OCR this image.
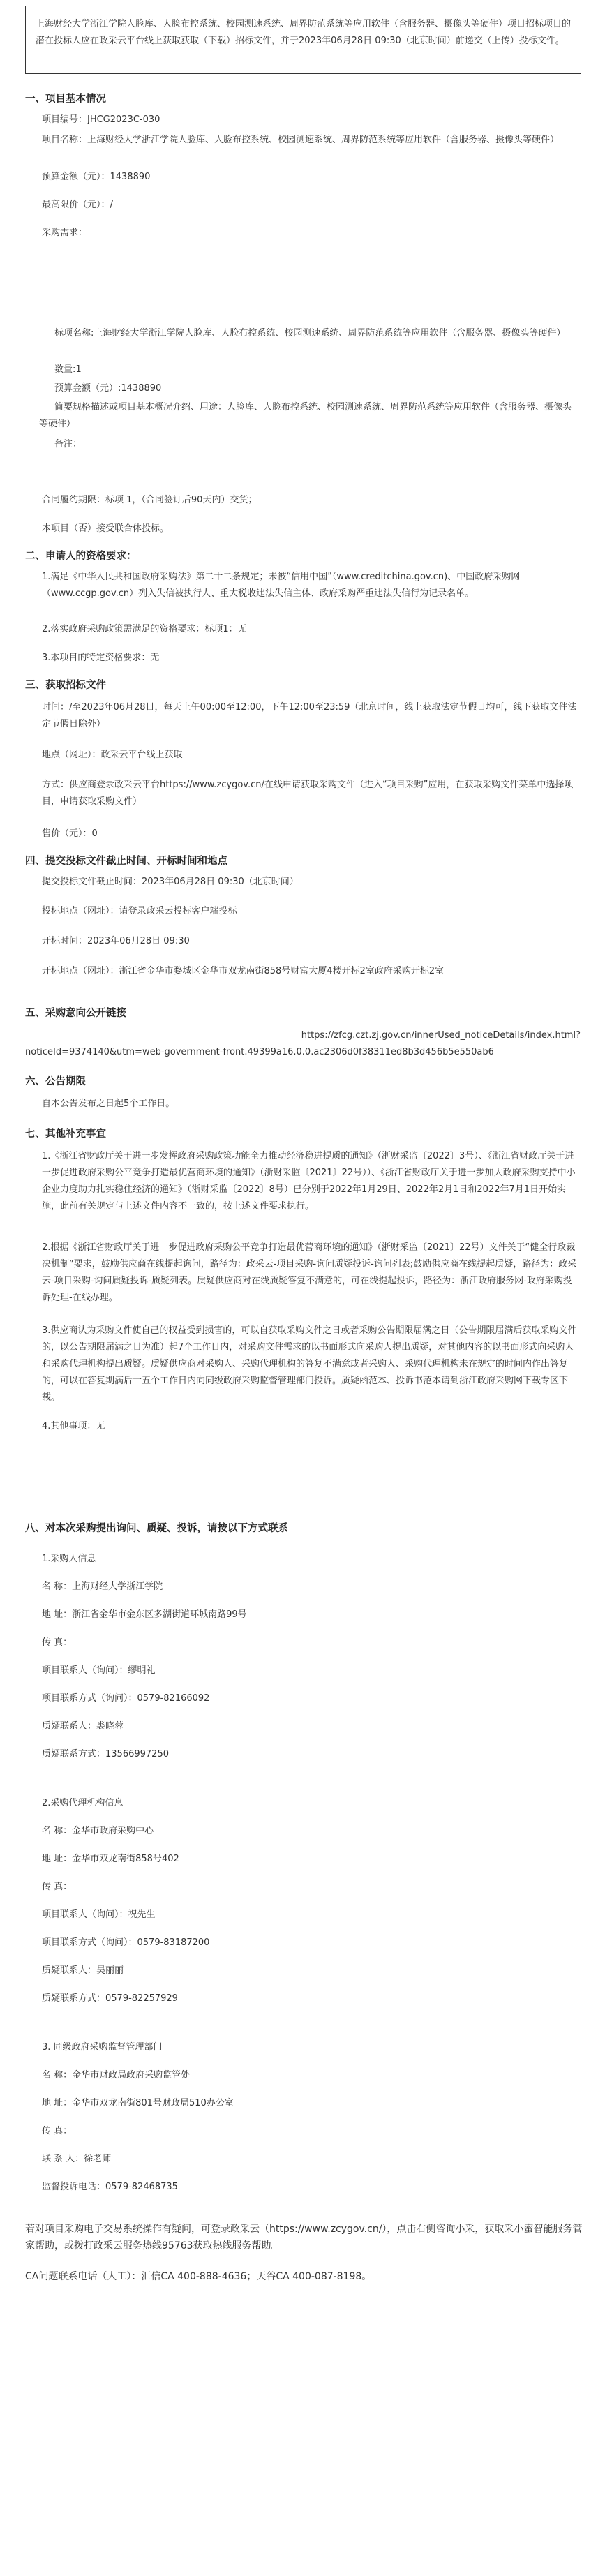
上海财经大学浙江学院人脸库、人脸布控系统、校园测速系统、周界防范系统等应用软件（含服务器、摄像头等硬件）项目招标项目的潜在投标人应在政采云平台线上获取获取（下载）招标文件，并于2023年06月28日 09:30（北京时间）前递交（上传）投标文件。

一、项目基本情况

项目编号：JHCG2023C-030

项目名称：上海财经大学浙江学院人脸库、人脸布控系统、校园测速系统、周界防范系统等应用软件（含服务器、摄像头等硬件）

预算金额（元）：1438890

最高限价（元）：/

采购需求：

标项名称:上海财经大学浙江学院人脸库、人脸布控系统、校园测速系统、周界防范系统等应用软件（含服务器、摄像头等硬件）

数量:1

预算金额（元）:1438890

简要规格描述或项目基本概况介绍、用途：人脸库、人脸布控系统、校园测速系统、周界防范系统等应用软件（含服务器、摄像头等硬件）

备注：

合同履约期限：标项 1，（合同签订后90天内）交货；

本项目（否）接受联合体投标。

二、申请人的资格要求：

1.满足《中华人民共和国政府采购法》第二十二条规定；未被“信用中国”（www.creditchina.gov.cn)、中国政府采购网（www.ccgp.gov.cn）列入失信被执行人、重大税收违法失信主体、政府采购严重违法失信行为记录名单。

2.落实政府采购政策需满足的资格要求：标项1：无

3.本项目的特定资格要求：无

三、获取招标文件

时间：/至2023年06月28日，每天上午00:00至12:00，下午12:00至23:59（北京时间，线上获取法定节假日均可，线下获取文件法定节假日除外）

地点（网址）：政采云平台线上获取

方式：供应商登录政采云平台https://www.zcygov.cn/在线申请获取采购文件（进入“项目采购”应用，在获取采购文件菜单中选择项目，申请获取采购文件）

售价（元）：0

四、提交投标文件截止时间、开标时间和地点

提交投标文件截止时间：2023年06月28日 09:30（北京时间）

投标地点（网址）：请登录政采云投标客户端投标

开标时间：2023年06月28日 09:30

开标地点（网址）：浙江省金华市婺城区金华市双龙南街858号财富大厦4楼开标2室政府采购开标2室

五、采购意向公开链接

https://zfcg.czt.zj.gov.cn/innerUsed_noticeDetails/index.html?
noticeId=9374140&utm=web-government-front.49399a16.0.0.ac2306d0f38311ed8b3d456b5e550ab6

六、公告期限

自本公告发布之日起5个工作日。

七、其他补充事宜

1.《浙江省财政厅关于进一步发挥政府采购政策功能全力推动经济稳进提质的通知》（浙财采监〔2022〕3号）、《浙江省财政厅关于进一步促进政府采购公平竞争打造最优营商环境的通知》（浙财采监〔2021〕22号））、《浙江省财政厅关于进一步加大政府采购支持中小企业力度助力扎实稳住经济的通知》（浙财采监〔2022〕8号）已分别于2022年1月29日、2022年2月1日和2022年7月1日开始实施，此前有关规定与上述文件内容不一致的，按上述文件要求执行。

2.根据《浙江省财政厅关于进一步促进政府采购公平竞争打造最优营商环境的通知》（浙财采监〔2021〕22号）文件关于“健全行政裁决机制”要求，鼓励供应商在线提起询问，路径为：政采云-项目采购-询问质疑投诉-询问列表;鼓励供应商在线提起质疑，路径为：政采云-项目采购-询问质疑投诉-质疑列表。质疑供应商对在线质疑答复不满意的，可在线提起投诉，路径为：浙江政府服务网-政府采购投诉处理-在线办理。

3.供应商认为采购文件使自己的权益受到损害的，可以自获取采购文件之日或者采购公告期限届满之日（公告期限届满后获取采购文件的，以公告期限届满之日为准）起7个工作日内，对采购文件需求的以书面形式向采购人提出质疑，对其他内容的以书面形式向采购人和采购代理机构提出质疑。质疑供应商对采购人、采购代理机构的答复不满意或者采购人、采购代理机构未在规定的时间内作出答复的，可以在答复期满后十五个工作日内向同级政府采购监督管理部门投诉。质疑函范本、投诉书范本请到浙江政府采购网下载专区下载。

4.其他事项：无

八、对本次采购提出询问、质疑、投诉，请按以下方式联系

1.采购人信息

名 称：上海财经大学浙江学院

地 址：浙江省金华市金东区多湖街道环城南路99号

传 真：

项目联系人（询问）：缪明礼

项目联系方式（询问）：0579-82166092

质疑联系人：裘晓蓉

质疑联系方式：13566997250

2.采购代理机构信息

名 称：金华市政府采购中心

地 址：金华市双龙南街858号402

传 真：

项目联系人（询问）：祝先生

项目联系方式（询问）：0579-83187200

质疑联系人：吴丽丽

质疑联系方式：0579-82257929

3. 同级政府采购监督管理部门

名 称：金华市财政局政府采购监管处

地 址：金华市双龙南街801号财政局510办公室

传 真：

联 系 人：徐老师

监督投诉电话：0579-82468735

若对项目采购电子交易系统操作有疑问，可登录政采云（https://www.zcygov.cn/），点击右侧咨询小采，获取采小蜜智能服务管家帮助，或拨打政采云服务热线95763获取热线服务帮助。

CA问题联系电话（人工）：汇信CA 400-888-4636；天谷CA 400-087-8198。
